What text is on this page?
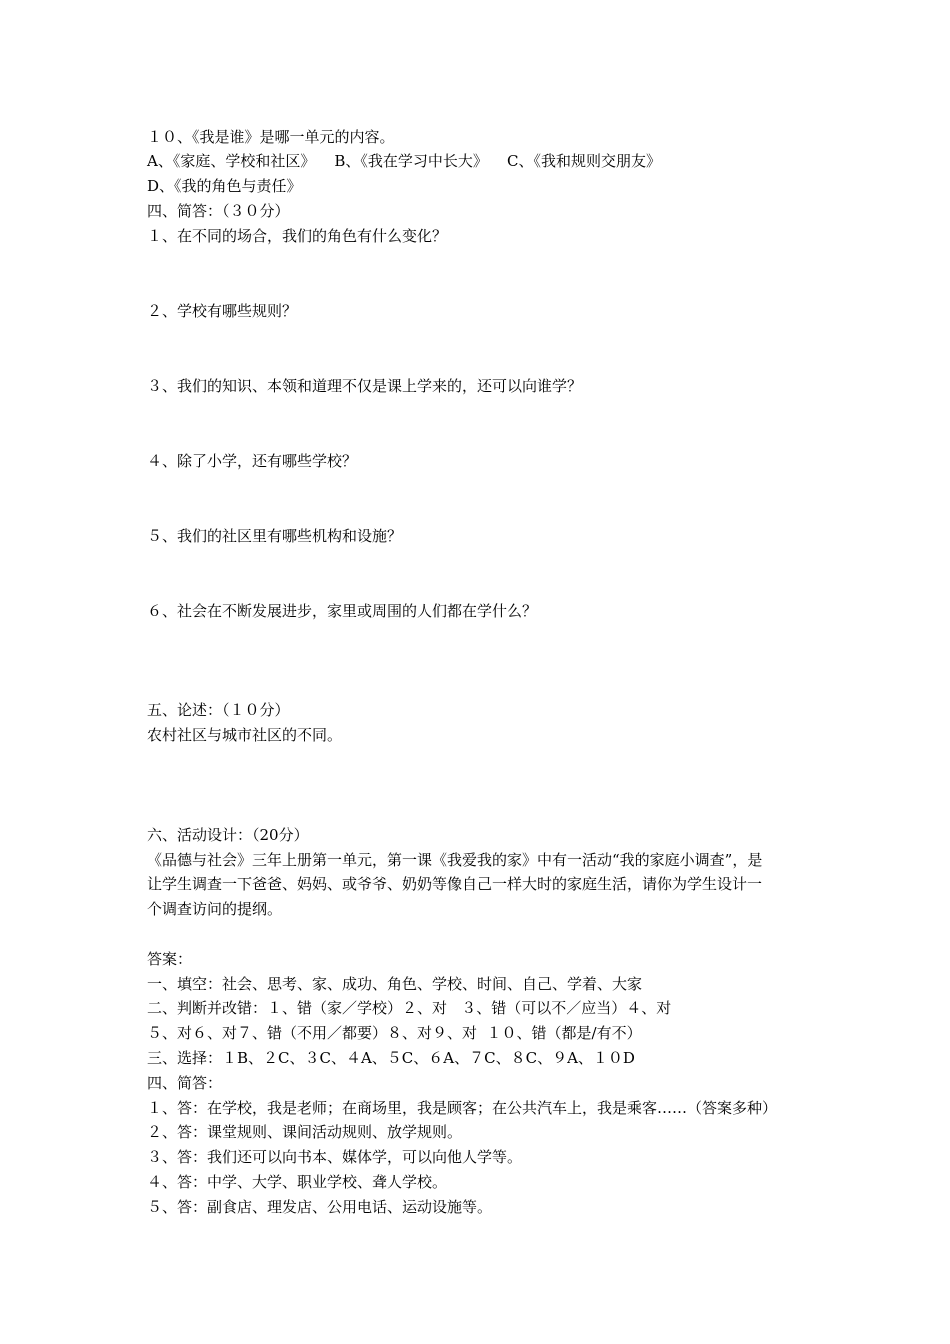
１０、《我是谁》是哪一单元的内容。
A、《家庭、学校和社区》    B、《我在学习中长大》    C、《我和规则交朋友》
D、《我的角色与责任》
四、简答：（３０分）
１、在不同的场合，我们的角色有什么变化？
２、学校有哪些规则？
３、我们的知识、本领和道理不仅是课上学来的，还可以向谁学？
４、除了小学，还有哪些学校？
５、我们的社区里有哪些机构和设施？
６、社会在不断发展进步，家里或周围的人们都在学什么？
五、论述：（１０分）
农村社区与城市社区的不同。
六、活动设计：（20分）
《品德与社会》三年上册第一单元，第一课《我爱我的家》中有一活动“我的家庭小调查”，是
让学生调查一下爸爸、妈妈、或爷爷、奶奶等像自己一样大时的家庭生活，请你为学生设计一
个调查访问的提纲。
答案：
一、填空：社会、思考、家、成功、角色、学校、时间、自己、学着、大家
二、判断并改错：１、错（家／学校）２、对   ３、错（可以不／应当）４、对
５、对６、对７、错（不用／都要）８、对９、对  １０、错（都是/有不）
三、选择：１B、２C、３C、４A、５C、６A、７C、８C、９A、１０D
四、简答：
１、答：在学校，我是老师；在商场里，我是顾客；在公共汽车上，我是乘客……（答案多种）
２、答：课堂规则、课间活动规则、放学规则。
３、答：我们还可以向书本、媒体学，可以向他人学等。
４、答：中学、大学、职业学校、聋人学校。
５、答：副食店、理发店、公用电话、运动设施等。
